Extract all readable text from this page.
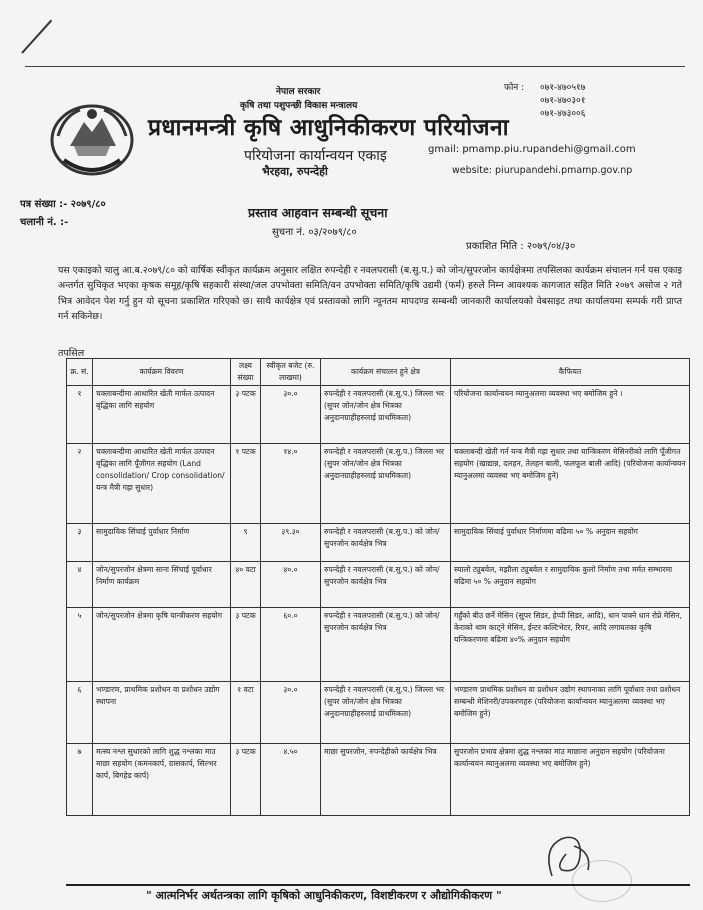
नेपाल सरकार
कृषि तथा पशुपन्छी विकास मन्त्रालय
प्रधानमन्त्री कृषि आधुनिकीकरण परियोजना
परियोजना कार्यान्वयन एकाइ
भैरहवा, रुपन्देही
फोन : ०७१-४७०५१७
०७१-४७०३०१
०७१-४७३००६
gmail: pmamp.piu.rupandehi@gmail.com
website: piurupandehi.pmamp.gov.np
पत्र संख्या :- २०७९/८०
चलानी नं. :-
प्रस्ताव आहवान सम्बन्धी सूचना
सुचना नं. ०३/२०७९/८०
प्रकाशित मिति : २०७९/०४/३०
यस एकाइको चालु आ.ब.२०७९/८० को वार्षिक स्वीकृत कार्यक्रम अनुसार लक्षित रुपन्देही र नवलपरासी (ब.सु.प.) को जोन/सुपरजोन कार्यक्षेत्रमा तपसिलका कार्यक्रम संचालन गर्न यस एकाइ अन्तर्गत सुचिकृत भएका कृषक समूह/कृषि सहकारी संस्था/जल उपभोक्ता समिति/वन उपभोक्ता समिति/कृषि उद्यमी (फर्म) हरुले निम्न आवश्यक कागजात सहित मिति २०७९ असोज २ गते भित्र आवेदन पेश गर्नु हुन यो सूचना प्रकाशित गरिएको छ। साथै कार्यक्षेत्र एवं प्रस्तावको लागि न्यूनतम मापदण्ड सम्बन्धी जानकारी कार्यालयको वेबसाइट तथा कार्यालयमा सम्पर्क गरी प्राप्त गर्न सकिनेछ।
तपसिल
क्र. सं.	कार्यक्रम विवरण	लक्ष्य संख्या	स्वीकृत बजेट (रु. लाखमा)	कार्यक्रम संचालन हुने क्षेत्र	कैफियत
१	चक्लाबन्दीमा आधारित खेती मार्फत उत्पादन बृद्धिका लागि सहयोग	३ पटक	३०.०	रुपन्देही र नवलपरासी (ब.सु.प.) जिल्ला भर (सुपर जोन/जोन क्षेत्र भित्रका अनुदानग्राहीहरुलाई प्राथमिकता)	परियोजना कार्यान्वयन म्यानुअलमा व्यवस्था भए बमोजिम हुने ।
२	चक्लाबन्दीमा आधारित खेती मार्फत उत्पादन बृद्धिका लागि पूँजीगत सहयोग (Land consolidation/ Crop consolidation/यन्त्र मैत्री गह्रा सुधार)	१ पटक	१४.०	रुपन्देही र नवलपरासी (ब.सु.प.) जिल्ला भर (सुपर जोन/जोन क्षेत्र भित्रका अनुदानग्राहीहरुलाई प्राथमिकता)	चक्लाबन्दी खेती गर्न यन्त्र मैत्री गह्रा सुधार तथा यान्त्रिकरण मेसिनरीको लागि पूँजीगत सहयोग (खाद्यान्न, दलहन, तेलहन बाली, फलफूल बाली आदि) (परियोजना कार्यान्वयन म्यानुअलमा व्यवस्था भए बमोजिम हुने)
३	सामुदायिक सिंचाई पुर्वाधार निर्माण	९	३९.३०	रुपन्देही र नवलपरासी (ब.सु.प.) को जोन/सुपरजोन कार्यक्षेत्र भित्र	सामुदायिक सिंचाई पुर्वाधार निर्माणमा बढिमा ५० % अनुदान सहयोग
४	जोन/सुपरजोन क्षेत्रमा साना सिंचाई पूर्वाधार निर्माण कार्यक्रम	४० वटा	४०.०	रुपन्देही र नवलपरासी (ब.सु.प.) को जोन/सुपरजोन कार्यक्षेत्र भित्र	स्यालो ट्युबवेल, मझौला ट्युबवेल र सामुदायिक कुलो निर्माण तथा मर्मत सम्भारमा बढिमा ५० % अनुदान सहयोग
५	जोन/सुपरजोन क्षेत्रमा कृषि यान्त्रीकरण सहयोग	३ पटक	६०.०	रुपन्देही र नवलपरासी (ब.सु.प.) को जोन/सुपरजोन कार्यक्षेत्र भित्र	गहुँको बीउ छर्ने मेसिन (सुपर सिडर, हेप्पी सिडर, आदि), धान पाक्ने धान रोप्ने मेसिन, केराको थाम काट्ने मेसिन, ईन्टर कल्टिभेटर, रिपर, आदि लगायतका कृषि यन्त्रिकरणमा बढिमा ४०% अनुदान सहयोग
६	भण्डारण, प्राथमिक प्रशोधन वा प्रशोधन उद्योग स्थापना	१ वटा	३०.०	रुपन्देही र नवलपरासी (ब.सु.प.) जिल्ला भर (सुपर जोन/जोन क्षेत्र भित्रका अनुदानग्राहीहरुलाई प्राथमिकता)	भण्डारण प्राथमिक प्रशोधन वा प्रशोधन उद्योग स्थापनाका लागि पूर्वाधार तथा प्रशोधन सम्बन्धी मेशिनरी/उपकरणहरु (परियोजना कार्यान्वयन म्यानुअलमा व्यवस्था भए बमोजिम हुने)
७	मत्स्य नश्ल सुधारको लागि शुद्ध नश्लका माउ माछा सहयोग (कमनकार्प, ग्रासकार्प, सिल्भर कार्प, बिगहेड कार्प)	३ पटक	४.५०	माछा सुपरजोन, रुपन्देहीको कार्यक्षेत्र भित्र	सुपरजोन प्रभाव क्षेत्रमा शुद्ध नश्लका माउ माछाना अनुदान सहयोग (परियोजना कार्यान्वयन म्यानुअलमा व्यवस्था भए बमोजिम हुने)
" आत्मनिर्भर अर्थतन्त्रका लागि कृषिको आधुनिकीकरण, विशष्टीकरण र औद्योगिकीकरण "
